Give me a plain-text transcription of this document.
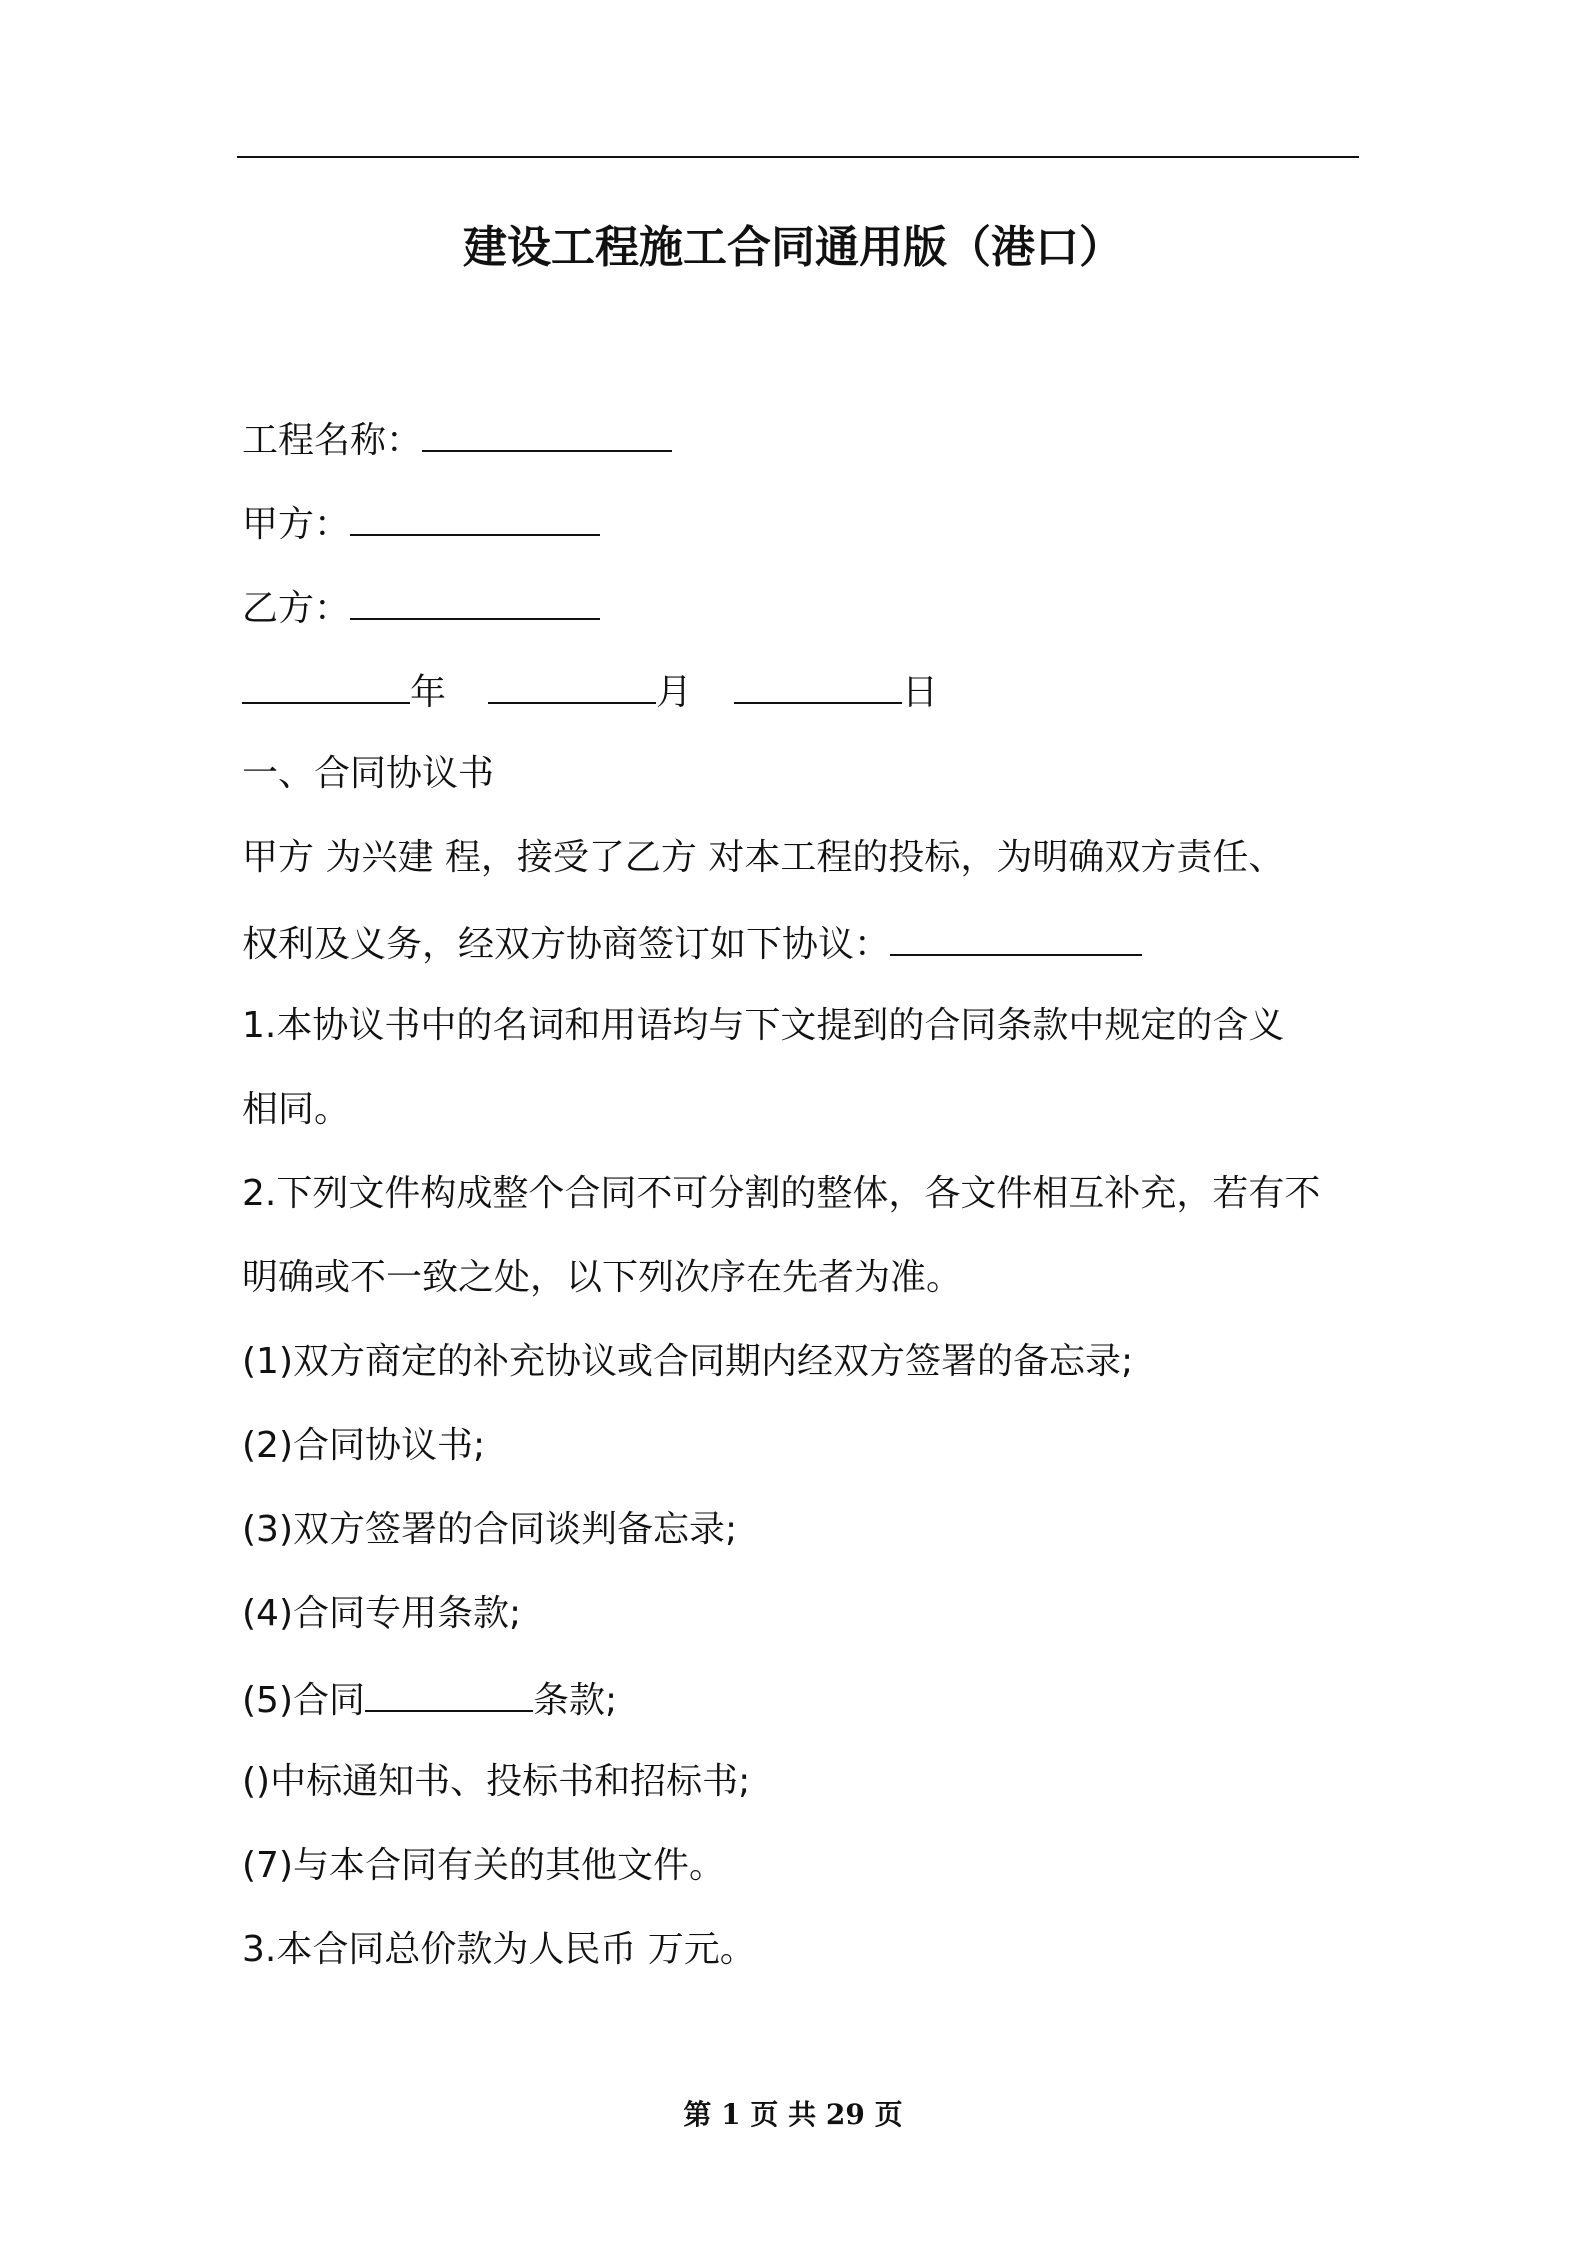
建设工程施工合同通用版（港口）
工程名称：
甲方：
乙方：
年	月	日
一、合同协议书
甲方 为兴建 程，接受了乙方 对本工程的投标，为明确双方责任、
权利及义务，经双方协商签订如下协议：
1.本协议书中的名词和用语均与下文提到的合同条款中规定的含义
相同。
2.下列文件构成整个合同不可分割的整体，各文件相互补充，若有不
明确或不一致之处，以下列次序在先者为准。
(1)双方商定的补充协议或合同期内经双方签署的备忘录;
(2)合同协议书;
(3)双方签署的合同谈判备忘录;
(4)合同专用条款;
(5)合同	条款;
()中标通知书、投标书和招标书;
(7)与本合同有关的其他文件。
3.本合同总价款为人民币 万元。
第 1 页 共 29 页
